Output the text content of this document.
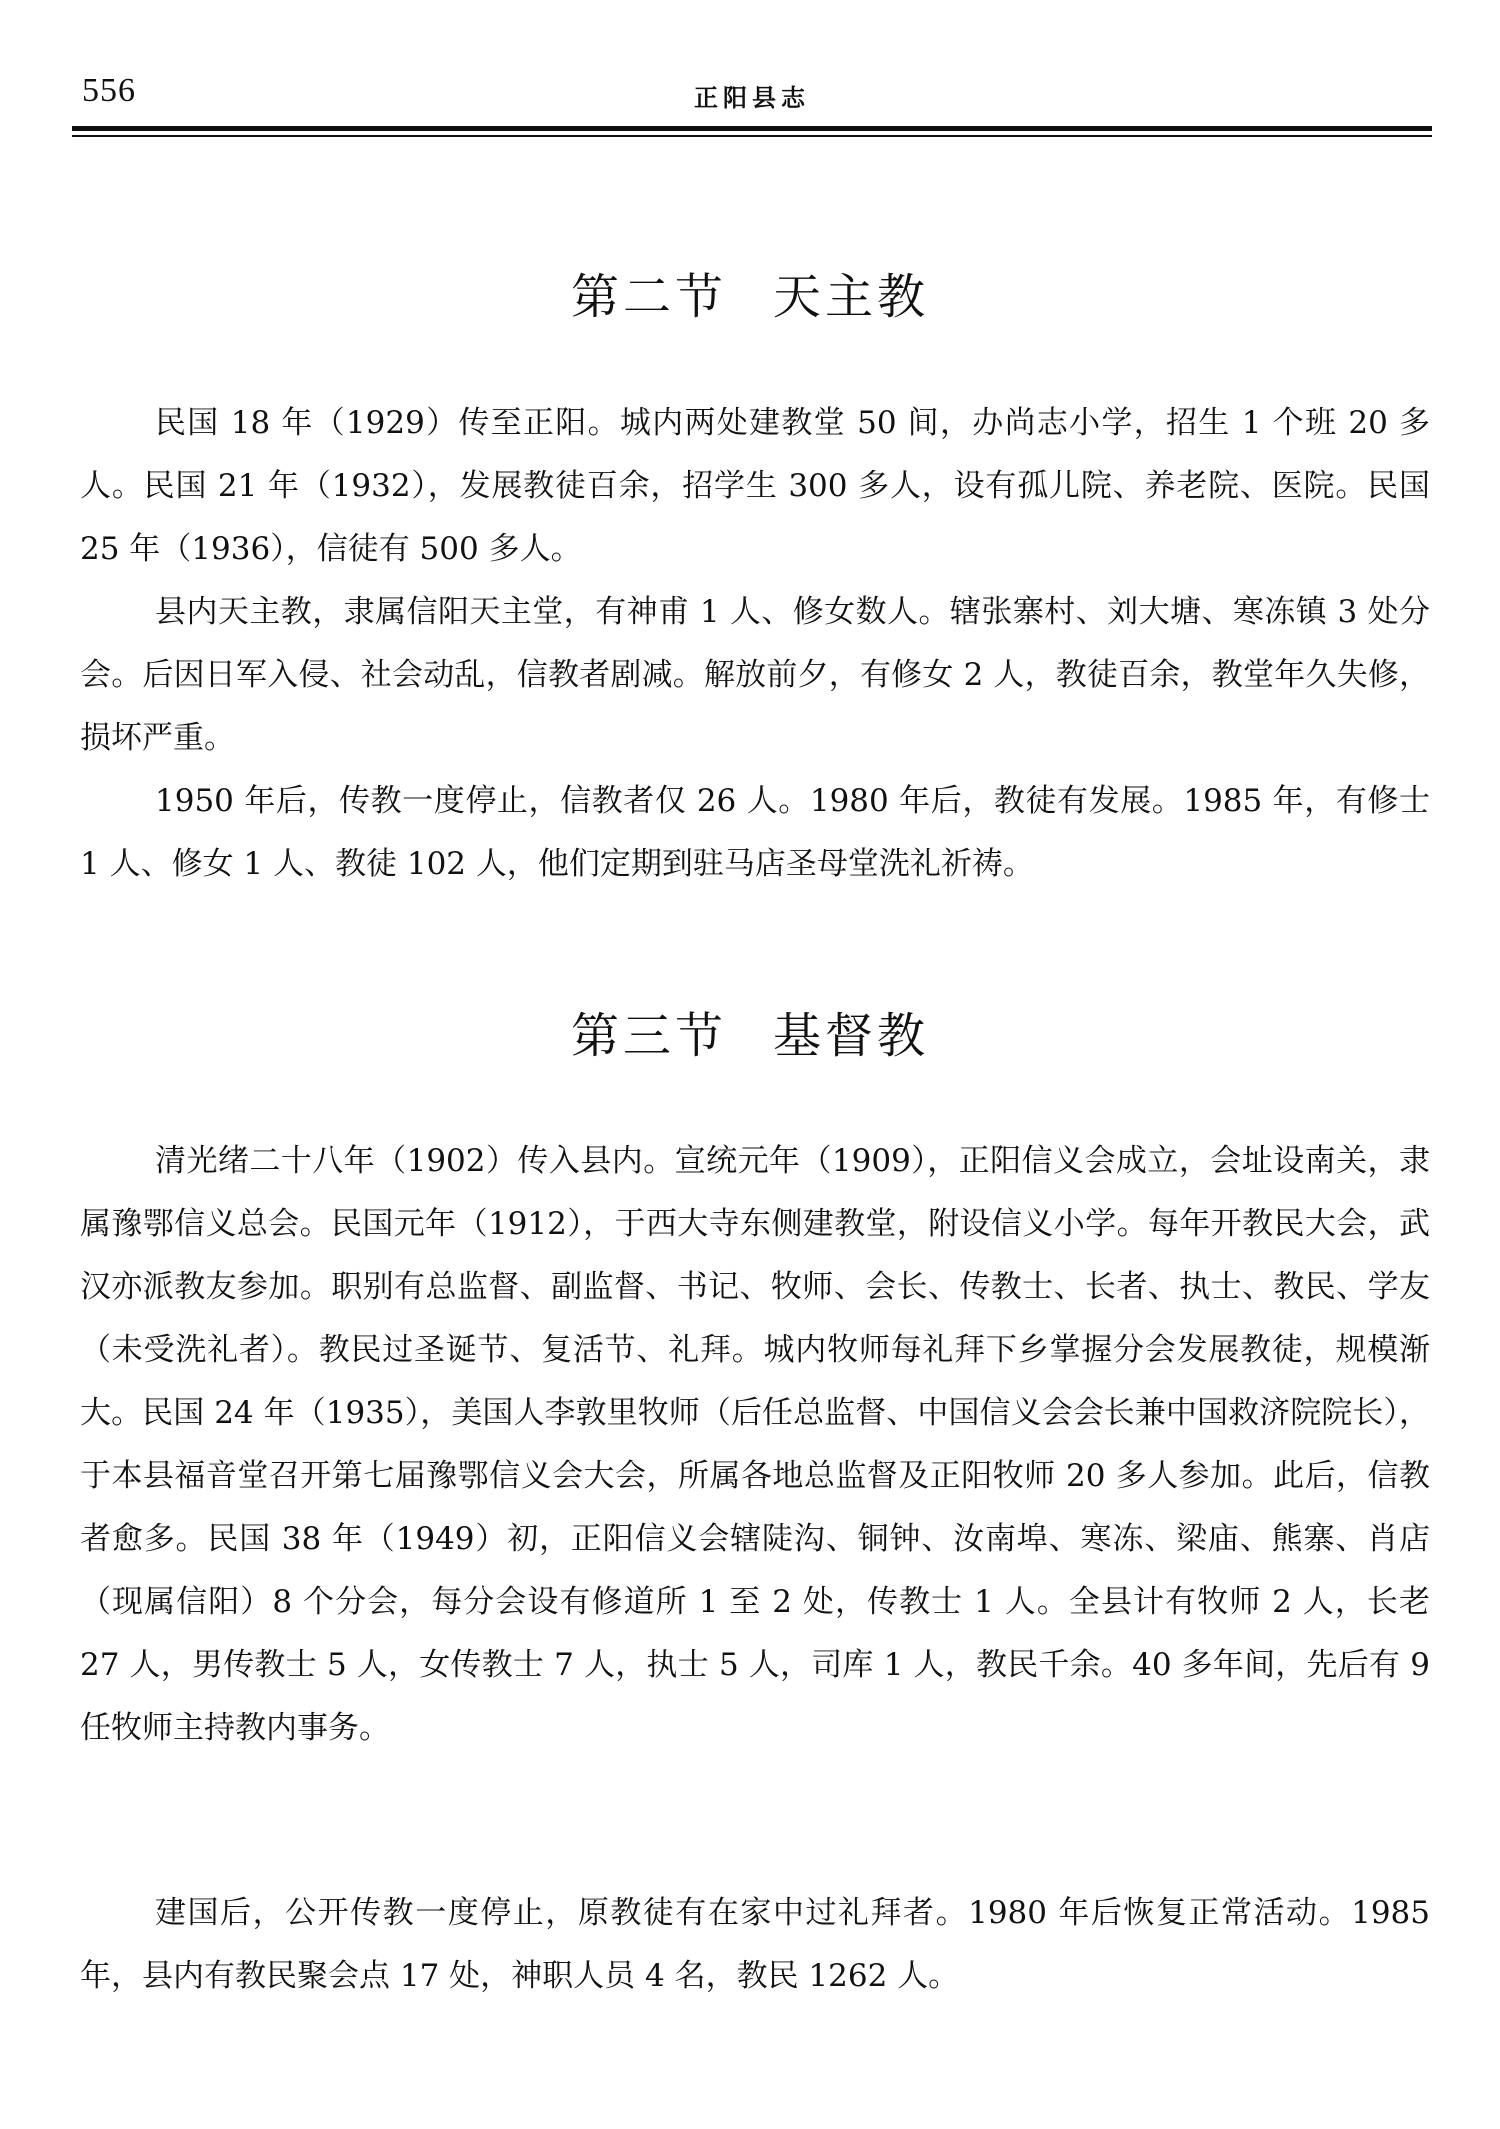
556	正阳县志
第二节 天主教

民国 18 年（1929）传至正阳。城内两处建教堂 50 间，办尚志小学，招生 1 个班 20 多人。民国 21 年（1932），发展教徒百余，招学生 300 多人，设有孤儿院、养老院、医院。民国 25 年（1936），信徒有 500 多人。

县内天主教，隶属信阳天主堂，有神甫 1 人、修女数人。辖张寨村、刘大塘、寒冻镇 3 处分会。后因日军入侵、社会动乱，信教者剧减。解放前夕，有修女 2 人，教徒百余，教堂年久失修，损坏严重。

1950 年后，传教一度停止，信教者仅 26 人。1980 年后，教徒有发展。1985 年，有修士 1 人、修女 1 人、教徒 102 人，他们定期到驻马店圣母堂洗礼祈祷。

第三节 基督教

清光绪二十八年（1902）传入县内。宣统元年（1909），正阳信义会成立，会址设南关，隶属豫鄂信义总会。民国元年（1912），于西大寺东侧建教堂，附设信义小学。每年开教民大会，武汉亦派教友参加。职别有总监督、副监督、书记、牧师、会长、传教士、长者、执士、教民、学友（未受洗礼者）。教民过圣诞节、复活节、礼拜。城内牧师每礼拜下乡掌握分会发展教徒，规模渐大。民国 24 年（1935），美国人李敦里牧师（后任总监督、中国信义会会长兼中国救济院院长），于本县福音堂召开第七届豫鄂信义会大会，所属各地总监督及正阳牧师 20 多人参加。此后，信教者愈多。民国 38 年（1949）初，正阳信义会辖陡沟、铜钟、汝南埠、寒冻、梁庙、熊寨、肖店（现属信阳）8 个分会，每分会设有修道所 1 至 2 处，传教士 1 人。全县计有牧师 2 人，长老 27 人，男传教士 5 人，女传教士 7 人，执士 5 人，司库 1 人，教民千余。40 多年间，先后有 9 任牧师主持教内事务。

建国后，公开传教一度停止，原教徒有在家中过礼拜者。1980 年后恢复正常活动。1985 年，县内有教民聚会点 17 处，神职人员 4 名，教民 1262 人。
